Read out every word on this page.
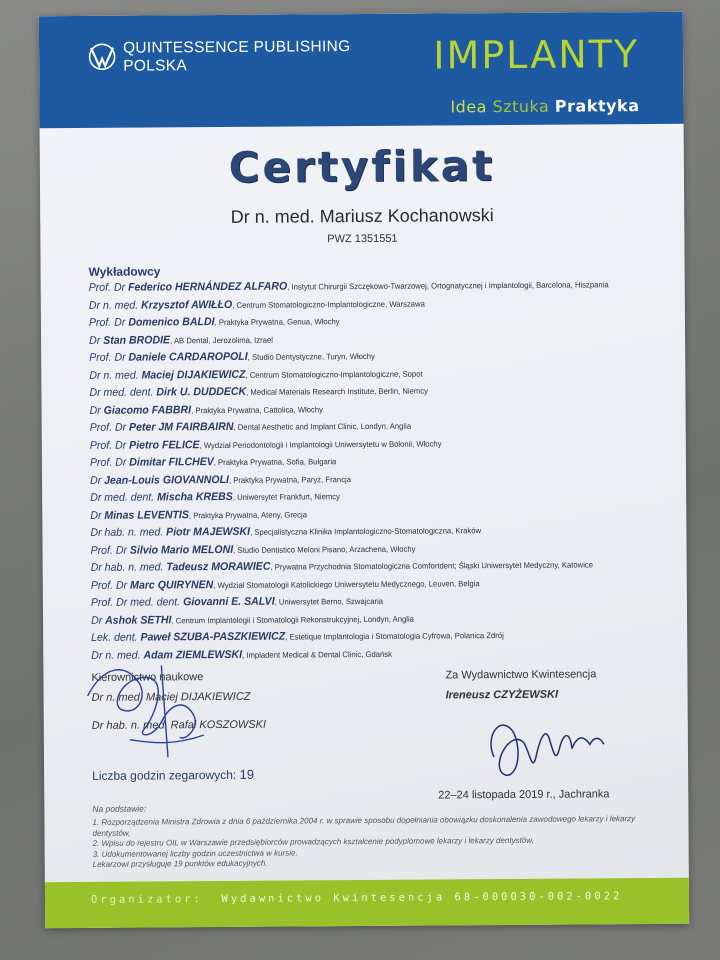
QUINTESSENCE PUBLISHING
POLSKA	IMPLANTY
Idea Sztuka Praktyka
Certyfikat
Dr n. med. Mariusz Kochanowski
PWZ 1351551
Wykładowcy
Prof. Dr Federico HERNÁNDEZ ALFARO, Instytut Chirurgii Szczękowo-Twarzowej, Ortognatycznej i Implantologii, Barcelona, Hiszpania
Dr n. med. Krzysztof AWIŁŁO, Centrum Stomatologiczno-Implantologiczne, Warszawa
Prof. Dr Domenico BALDI, Praktyka Prywatna, Genua, Włochy
Dr Stan BRODIE, AB Dental, Jerozolima, Izrael
Prof. Dr Daniele CARDAROPOLI, Studio Dentystyczne, Turyn, Włochy
Dr n. med. Maciej DIJAKIEWICZ, Centrum Stomatologiczno-Implantologiczne, Sopot
Dr med. dent. Dirk U. DUDDECK, Medical Materials Research Institute, Berlin, Niemcy
Dr Giacomo FABBRI, Praktyka Prywatna, Cattolica, Włochy
Prof. Dr Peter JM FAIRBAIRN, Dental Aesthetic and Implant Clinic, Londyn, Anglia
Prof. Dr Pietro FELICE, Wydział Periodontologii i Implantologii Uniwersytetu w Bolonii, Włochy
Prof. Dr Dimitar FILCHEV, Praktyka Prywatna, Sofia, Bułgaria
Dr Jean-Louis GIOVANNOLI, Praktyka Prywatna, Paryż, Francja
Dr med. dent. Mischa KREBS, Uniwersytet Frankfurt, Niemcy
Dr Minas LEVENTIS, Praktyka Prywatna, Ateny, Grecja
Dr hab. n. med. Piotr MAJEWSKI, Specjalistyczna Klinika Implantologiczno-Stomatologiczna, Kraków
Prof. Dr Silvio Mario MELONI, Studio Dentistico Meloni Pisano, Arzachena, Włochy
Dr hab. n. med. Tadeusz MORAWIEC, Prywatna Przychodnia Stomatologiczna Comfortdent; Śląski Uniwersytet Medyczny, Katowice
Prof. Dr Marc QUIRYNEN, Wydział Stomatologii Katolickiego Uniwersytetu Medycznego, Leuven, Belgia
Prof. Dr med. dent. Giovanni E. SALVI, Uniwersytet Berno, Szwajcaria
Dr Ashok SETHI, Centrum Implantologii i Stomatologii Rekonstrukcyjnej, Londyn, Anglia
Lek. dent. Paweł SZUBA-PASZKIEWICZ, Estetique Implantologia i Stomatologia Cyfrowa, Polanica Zdrój
Dr n. med. Adam ZIEMLEWSKI, Impladent Medical & Dental Clinic, Gdańsk
Kierownictwo naukowe
Dr n. med. Maciej DIJAKIEWICZ
Dr hab. n. med. Rafał KOSZOWSKI
Za Wydawnictwo Kwintesencja
Ireneusz CZYŻEWSKI
Liczba godzin zegarowych: 19
22–24 listopada 2019 r., Jachranka
Na podstawie:
1. Rozporządzenia Ministra Zdrowia z dnia 6 października 2004 r. w sprawie sposobu dopełniania obowiązku doskonalenia zawodowego lekarzy i lekarzy dentystów,
2. Wpisu do rejestru OIL w Warszawie przedsiębiorców prowadzących kształcenie podyplomowe lekarzy i lekarzy dentystów,
3. Udokumentowanej liczby godzin uczestnictwa w kursie.
Lekarzowi przysługuje 19 punktów edukacyjnych.
Organizator: Wydawnictwo Kwintesencja 68-000030-002-0022
